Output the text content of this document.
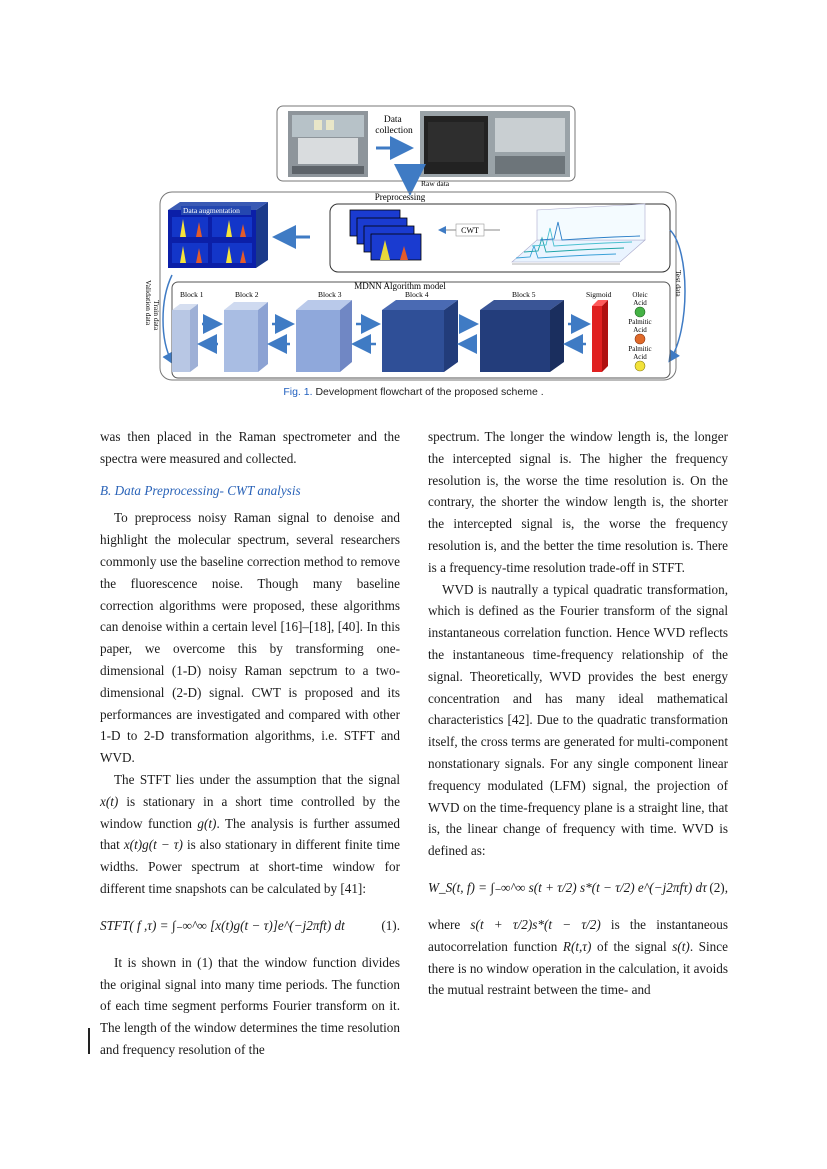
Data collection
Raw data
Preprocessing
Data augmentation
CWT
Train data
Validation data	Test data
MDNN Algorithm model
Block 1	Block 2	Block 3	Block 4	Block 5	Sigmoid	Oleic Acid
Palmitic Acid
Palmitic Acid
Fig. 1. Development flowchart of the proposed scheme .

was then placed in the Raman spectrometer and the spectra were measured and collected.

B. Data Preprocessing- CWT analysis

To preprocess noisy Raman signal to denoise and highlight the molecular spectrum, several researchers commonly use the baseline correction method to remove the fluorescence noise. Though many baseline correction algorithms were proposed, these algorithms can denoise within a certain level [16]–[18], [40]. In this paper, we overcome this by transforming one-dimensional (1-D) noisy Raman sepctrum to a two-dimensional (2-D) signal. CWT is proposed and its performances are investigated and compared with other 1-D to 2-D transformation algorithms, i.e. STFT and WVD.

The STFT lies under the assumption that the signal x(t) is stationary in a short time controlled by the window function g(t). The analysis is further assumed that x(t)g(t − τ) is also stationary in different finite time widths. Power spectrum at short-time window for different time snapshots can be calculated by [41]:

STFT( f ,τ) = ∫₋∞^∞ [x(t)g(t − τ)]e^(−j2πft) dt	(1).

It is shown in (1) that the window function divides the original signal into many time periods. The function of each time segment performs Fourier transform on it. The length of the window determines the time resolution and frequency resolution of the

spectrum. The longer the window length is, the longer the intercepted signal is. The higher the frequency resolution is, the worse the time resolution is. On the contrary, the shorter the window length is, the shorter the intercepted signal is, the worse the frequency resolution is, and the better the time resolution is. There is a frequency-time resolution trade-off in STFT.

WVD is nautrally a typical quadratic transformation, which is defined as the Fourier transform of the signal instantaneous correlation function. Hence WVD reflects the instantaneous time-frequency relationship of the signal. Theoretically, WVD provides the best energy concentration and has many ideal mathematical characteristics [42]. Due to the quadratic transformation itself, the cross terms are generated for multi-component nonstationary signals. For any single component linear frequency modulated (LFM) signal, the projection of WVD on the time-frequency plane is a straight line, that is, the linear change of frequency with time. WVD is defined as:

W_S(t, f) = ∫₋∞^∞ s(t + τ/2) s*(t − τ/2) e^(−j2πfτ) dτ (2),

where s(t + τ/2)s*(t − τ/2) is the instantaneous autocorrelation function R(t,τ) of the signal s(t). Since there is no window operation in the calculation, it avoids the mutual restraint between the time- and
